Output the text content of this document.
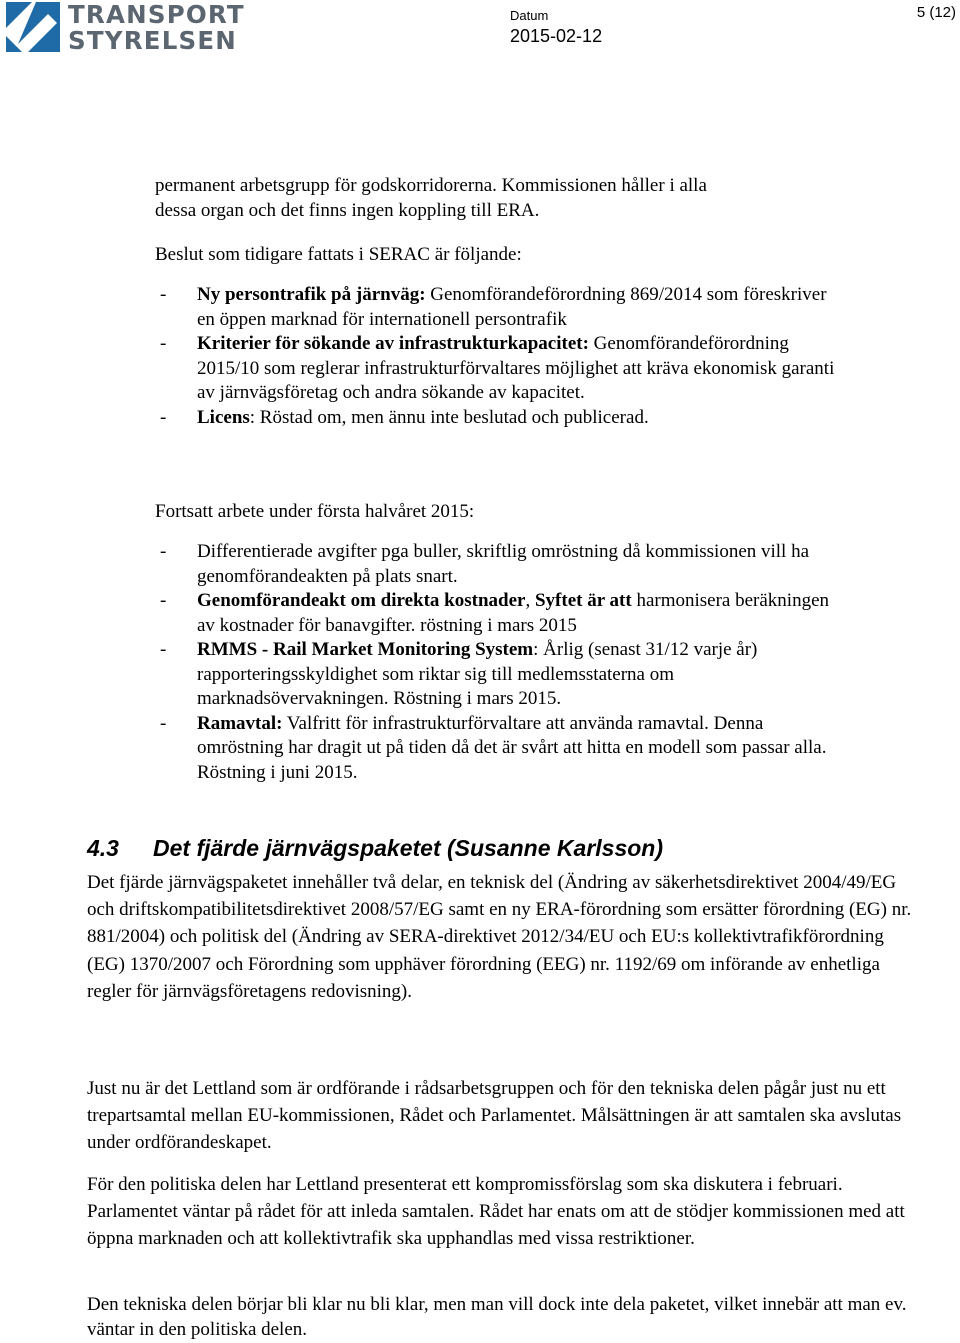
TRANSPORT
STYRELSEN
Datum
2015-02-12
5 (12)
permanent arbetsgrupp för godskorridorerna. Kommissionen håller i alla
dessa organ och det finns ingen koppling till ERA.
Beslut som tidigare fattats i SERAC är följande:
- Ny persontrafik på järnväg: Genomförandeförordning 869/2014 som föreskriver en öppen marknad för internationell persontrafik
- Kriterier för sökande av infrastrukturkapacitet: Genomförandeförordning 2015/10 som reglerar infrastrukturförvaltares möjlighet att kräva ekonomisk garanti av järnvägsföretag och andra sökande av kapacitet.
- Licens: Röstad om, men ännu inte beslutad och publicerad.
Fortsatt arbete under första halvåret 2015:
- Differentierade avgifter pga buller, skriftlig omröstning då kommissionen vill ha genomförandeakten på plats snart.
- Genomförandeakt om direkta kostnader, Syftet är att harmonisera beräkningen av kostnader för banavgifter. röstning i mars 2015
- RMMS - Rail Market Monitoring System: Årlig (senast 31/12 varje år) rapporteringsskyldighet som riktar sig till medlemsstaterna om marknadsövervakningen. Röstning i mars 2015.
- Ramavtal: Valfritt för infrastrukturförvaltare att använda ramavtal. Denna omröstning har dragit ut på tiden då det är svårt att hitta en modell som passar alla. Röstning i juni 2015.
4.3 Det fjärde järnvägspaketet (Susanne Karlsson)

Det fjärde järnvägspaketet innehåller två delar, en teknisk del (Ändring av säkerhetsdirektivet 2004/49/EG och driftskompatibilitetsdirektivet 2008/57/EG samt en ny ERA-förordning som ersätter förordning (EG) nr. 881/2004) och politisk del (Ändring av SERA-direktivet 2012/34/EU och EU:s kollektivtrafikförordning (EG) 1370/2007 och Förordning som upphäver förordning (EEG) nr. 1192/69 om införande av enhetliga regler för järnvägsföretagens redovisning).

Just nu är det Lettland som är ordförande i rådsarbetsgruppen och för den tekniska delen pågår just nu ett trepartsamtal mellan EU-kommissionen, Rådet och Parlamentet. Målsättningen är att samtalen ska avslutas under ordförandeskapet.

För den politiska delen har Lettland presenterat ett kompromissförslag som ska diskutera i februari. Parlamentet väntar på rådet för att inleda samtalen. Rådet har enats om att de stödjer kommissionen med att öppna marknaden och att kollektivtrafik ska upphandlas med vissa restriktioner.

Den tekniska delen börjar bli klar nu bli klar, men man vill dock inte dela paketet, vilket innebär att man ev. väntar in den politiska delen.
